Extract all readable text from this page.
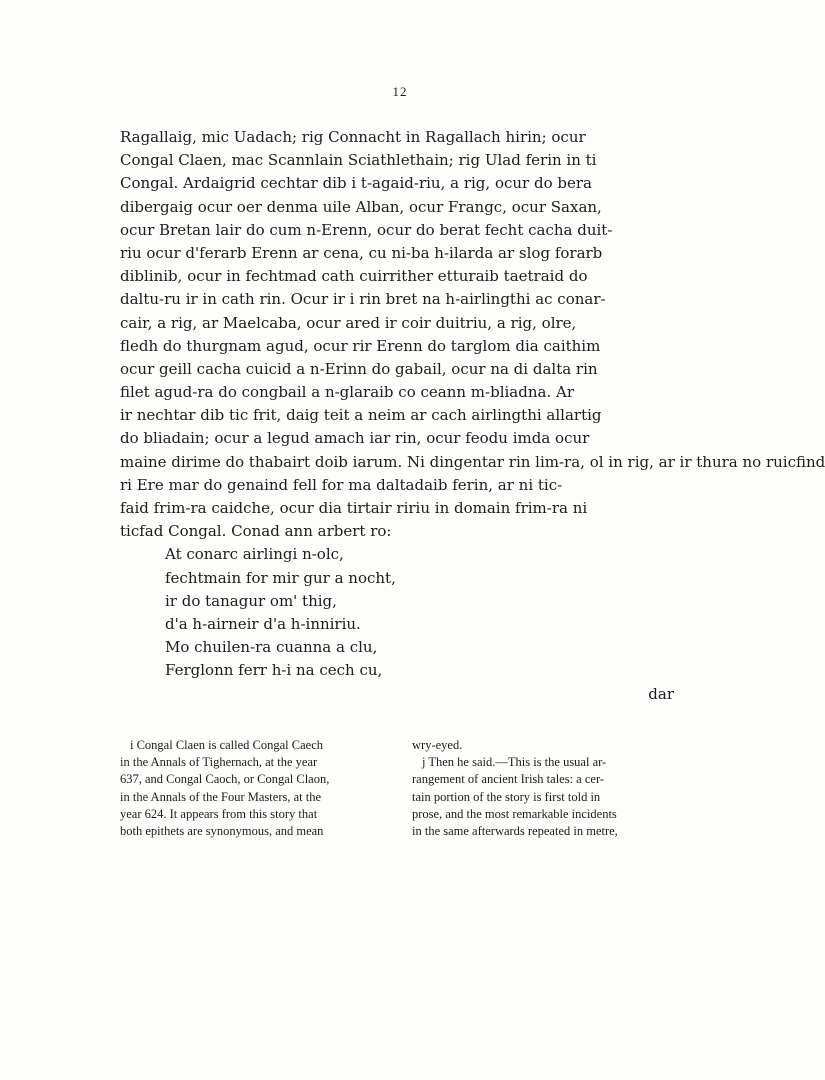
12
Ragallaig, mic Uadach; rig Connacht in Ragallach hirin; ocur
Congal Claen, mac Scannlain Sciathlethain; rig Ulad ferin in ti
Congal. Ardaigrid cechtar dib i t-agaid-riu, a rig, ocur do bera
dibergaig ocur oer denma uile Alban, ocur Frangc, ocur Saxan,
ocur Bretan lair do cum n-Erenn, ocur do berat fecht cacha duit-
riu ocur d'ferarb Erenn ar cena, cu ni-ba h-ilarda ar slog forarb
diblinib, ocur in fechtmad cath cuirrither etturaib taetraid do
daltu-ru ir in cath rin. Ocur ir i rin bret na h-airlingthi ac conar-
cair, a rig, ar Maelcaba, ocur ared ir coir duitriu, a rig, olre,
fledh do thurgnam agud, ocur rir Erenn do targlom dia caithim
ocur geill cacha cuicid a n-Erinn do gabail, ocur na di dalta rin
filet agud-ra do congbail a n-glaraib co ceann m-bliadna. Ar
ir nechtar dib tic frit, daig teit a neim ar cach airlingthi allartig
do bliadain; ocur a legud amach iar rin, ocur feodu imda ocur
maine dirime do thabairt doib iarum. Ni dingentar rin lim-ra, ol in rig, ar ir thura no ruicfind
ri Ere mar do genaind fell for ma daltadaib ferin, ar ni tic-
faid frim-ra caidche, ocur dia tirtair ririu in domain frim-ra ni
ticfad Congal. Conad ann arbert ro:
At conarc airlingi n-olc,
fechtmain for mir gur a nocht,
ir do tanagur om' thig,
d'a h-airneir d'a h-inniriu.
Mo chuilen-ra cuanna a clu,
Ferglonn ferr h-i na cech cu,
dar
i Congal Claen is called Congal Caech
in the Annals of Tighernach, at the year
637, and Congal Caoch, or Congal Claon,
in the Annals of the Four Masters, at the
year 624. It appears from this story that
both epithets are synonymous, and mean
wry-eyed.
j Then he said.—This is the usual ar-
rangement of ancient Irish tales: a cer-
tain portion of the story is first told in
prose, and the most remarkable incidents
in the same afterwards repeated in metre,
